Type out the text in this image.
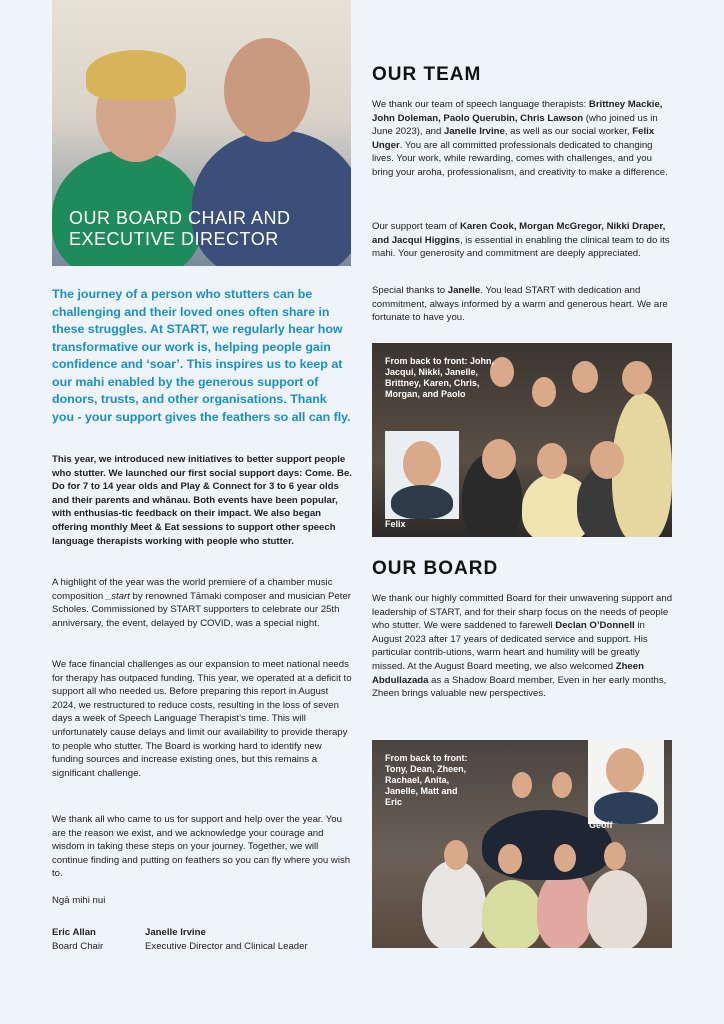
OUR BOARD CHAIR AND
EXECUTIVE DIRECTOR

The journey of a person who stutters can be challenging and their loved ones often share in these struggles. At START, we regularly hear how transformative our work is, helping people gain confidence and ‘soar’. This inspires us to keep at our mahi enabled by the generous support of donors, trusts, and other organisations. Thank you - your support gives the feathers so all can fly.

This year, we introduced new initiatives to better support people who stutter. We launched our first social support days: Come. Be. Do for 7 to 14 year olds and Play & Connect for 3 to 6 year olds and their parents and whānau. Both events have been popular, with enthusias-tic feedback on their impact. We also began offering monthly Meet & Eat sessions to support other speech language therapists working with people who stutter.

A highlight of the year was the world premiere of a chamber music composition _start by renowned Tāmaki composer and musician Peter Scholes. Commissioned by START supporters to celebrate our 25th anniversary, the event, delayed by COVID, was a special night.

We face financial challenges as our expansion to meet national needs for therapy has outpaced funding. This year, we operated at a deficit to support all who needed us. Before preparing this report in August 2024, we restructured to reduce costs, resulting in the loss of seven days a week of Speech Language Therapist’s time. This will unfortunately cause delays and limit our availability to provide therapy to people who stutter. The Board is working hard to identify new funding sources and increase existing ones, but this remains a significant challenge.

We thank all who came to us for support and help over the year. You are the reason we exist, and we acknowledge your courage and wisdom in taking these steps on your journey. Together, we will continue finding and putting on feathers so you can fly where you wish to.

Ngā mihi nui

Eric Allan
Board Chair
Janelle Irvine
Executive Director and Clinical Leader
OUR TEAM

We thank our team of speech language therapists: Brittney Mackie, John Doleman, Paolo Querubin, Chris Lawson (who joined us in June 2023), and Janelle Irvine, as well as our social worker, Felix Unger. You are all committed professionals dedicated to changing lives. Your work, while rewarding, comes with challenges, and you bring your aroha, professionalism, and creativity to make a difference.

Our support team of Karen Cook, Morgan McGregor, Nikki Draper, and Jacqui Higgins, is essential in enabling the clinical team to do its mahi. Your generosity and commitment are deeply appreciated.

Special thanks to Janelle. You lead START with dedication and commitment, always informed by a warm and generous heart. We are fortunate to have you.

From back to front: John, Jacqui, Nikki, Janelle, Brittney, Karen, Chris, Morgan, and Paolo
Felix
OUR BOARD

We thank our highly committed Board for their unwavering support and leadership of START, and for their sharp focus on the needs of people who stutter. We were saddened to farewell Declan O’Donnell in August 2023 after 17 years of dedicated service and support. His particular contrib-utions, warm heart and humility will be greatly missed. At the August Board meeting, we also welcomed Zheen Abdullazada as a Shadow Board member. Even in her early months, Zheen brings valuable new perspectives.

From back to front: Tony, Dean, Zheen, Rachael, Anita, Janelle, Matt and Eric
Geoff
